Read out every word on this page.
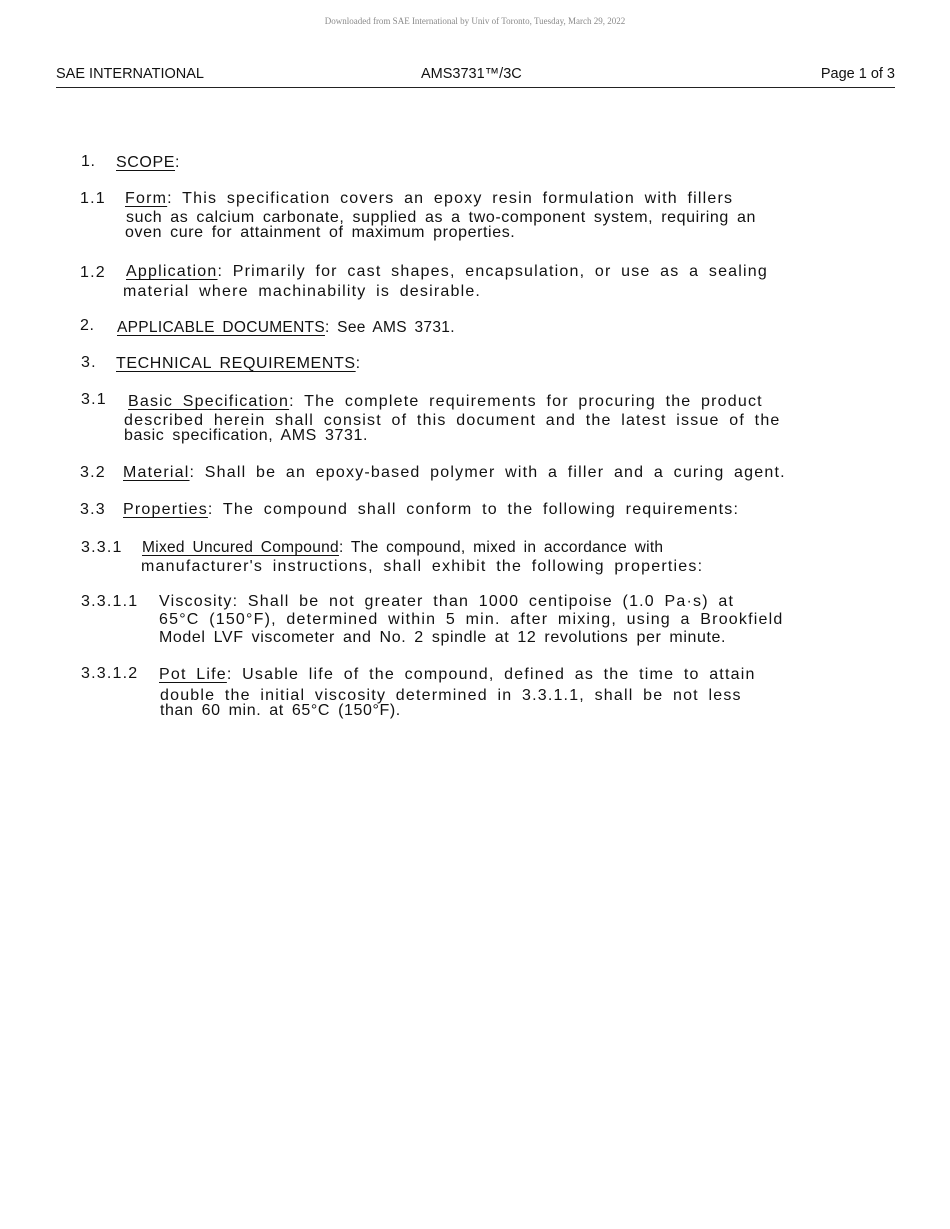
Downloaded from SAE International by Univ of Toronto, Tuesday, March 29, 2022
SAE INTERNATIONAL	AMS3731™/3C	Page 1 of 3
1. SCOPE:
1.1 Form: This specification covers an epoxy resin formulation with fillers
such as calcium carbonate, supplied as a two-component system, requiring an
oven cure for attainment of maximum properties.
1.2 Application: Primarily for cast shapes, encapsulation, or use as a sealing
material where machinability is desirable.
2. APPLICABLE DOCUMENTS: See AMS 3731.
3. TECHNICAL REQUIREMENTS:
3.1 Basic Specification: The complete requirements for procuring the product
described herein shall consist of this document and the latest issue of the
basic specification, AMS 3731.
3.2 Material: Shall be an epoxy-based polymer with a filler and a curing agent.
3.3 Properties: The compound shall conform to the following requirements:
3.3.1 Mixed Uncured Compound: The compound, mixed in accordance with
manufacturer's instructions, shall exhibit the following properties:
3.3.1.1 Viscosity: Shall be not greater than 1000 centipoise (1.0 Pa·s) at
65°C (150°F), determined within 5 min. after mixing, using a Brookfield
Model LVF viscometer and No. 2 spindle at 12 revolutions per minute.
3.3.1.2 Pot Life: Usable life of the compound, defined as the time to attain
double the initial viscosity determined in 3.3.1.1, shall be not less
than 60 min. at 65°C (150°F).
